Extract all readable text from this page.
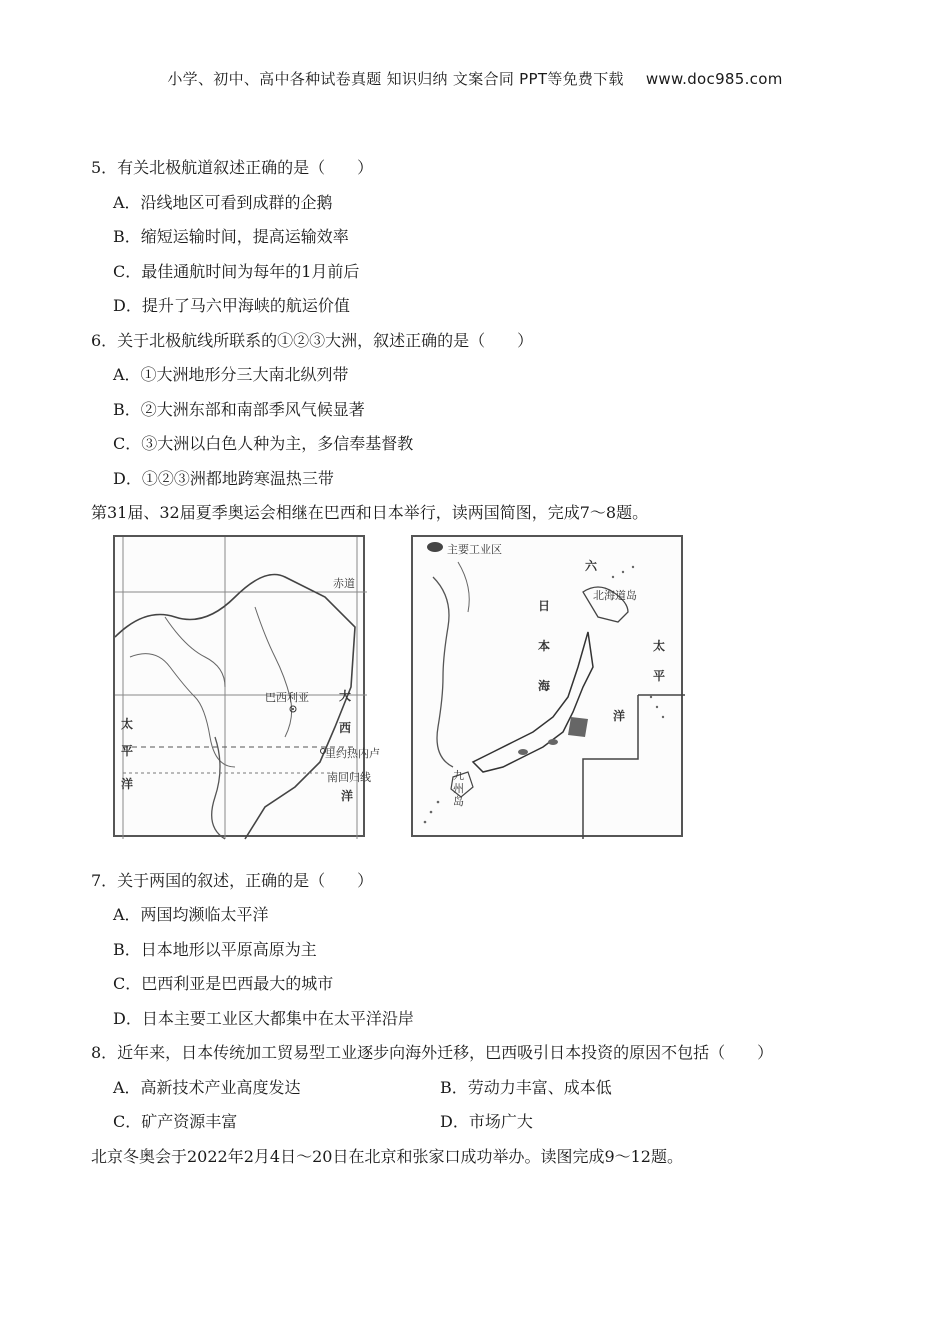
小学、初中、高中各种试卷真题 知识归纳 文案合同 PPT等免费下载 www.doc985.com
5．有关北极航道叙述正确的是（　　）
A．沿线地区可看到成群的企鹅
B．缩短运输时间，提高运输效率
C．最佳通航时间为每年的1月前后
D．提升了马六甲海峡的航运价值
6．关于北极航线所联系的①②③大洲，叙述正确的是（　　）
A．①大洲地形分三大南北纵列带
B．②大洲东部和南部季风气候显著
C．③大洲以白色人种为主，多信奉基督教
D．①②③洲都地跨寒温热三带
第31届、32届夏季奥运会相继在巴西和日本举行，读两国简图，完成7～8题。
赤道
巴西利亚	大
西
洋
太
平
洋
里约热内卢
南回归线
主要工业区
六
日
本
海
北海道岛
太
平
洋
九
州
岛
7．关于两国的叙述，正确的是（　　）
A．两国均濒临太平洋
B．日本地形以平原高原为主
C．巴西利亚是巴西最大的城市
D．日本主要工业区大都集中在太平洋沿岸
8．近年来，日本传统加工贸易型工业逐步向海外迁移，巴西吸引日本投资的原因不包括（　　）
A．高新技术产业高度发达	B．劳动力丰富、成本低
C．矿产资源丰富	D．市场广大
北京冬奥会于2022年2月4日～20日在北京和张家口成功举办。读图完成9～12题。
